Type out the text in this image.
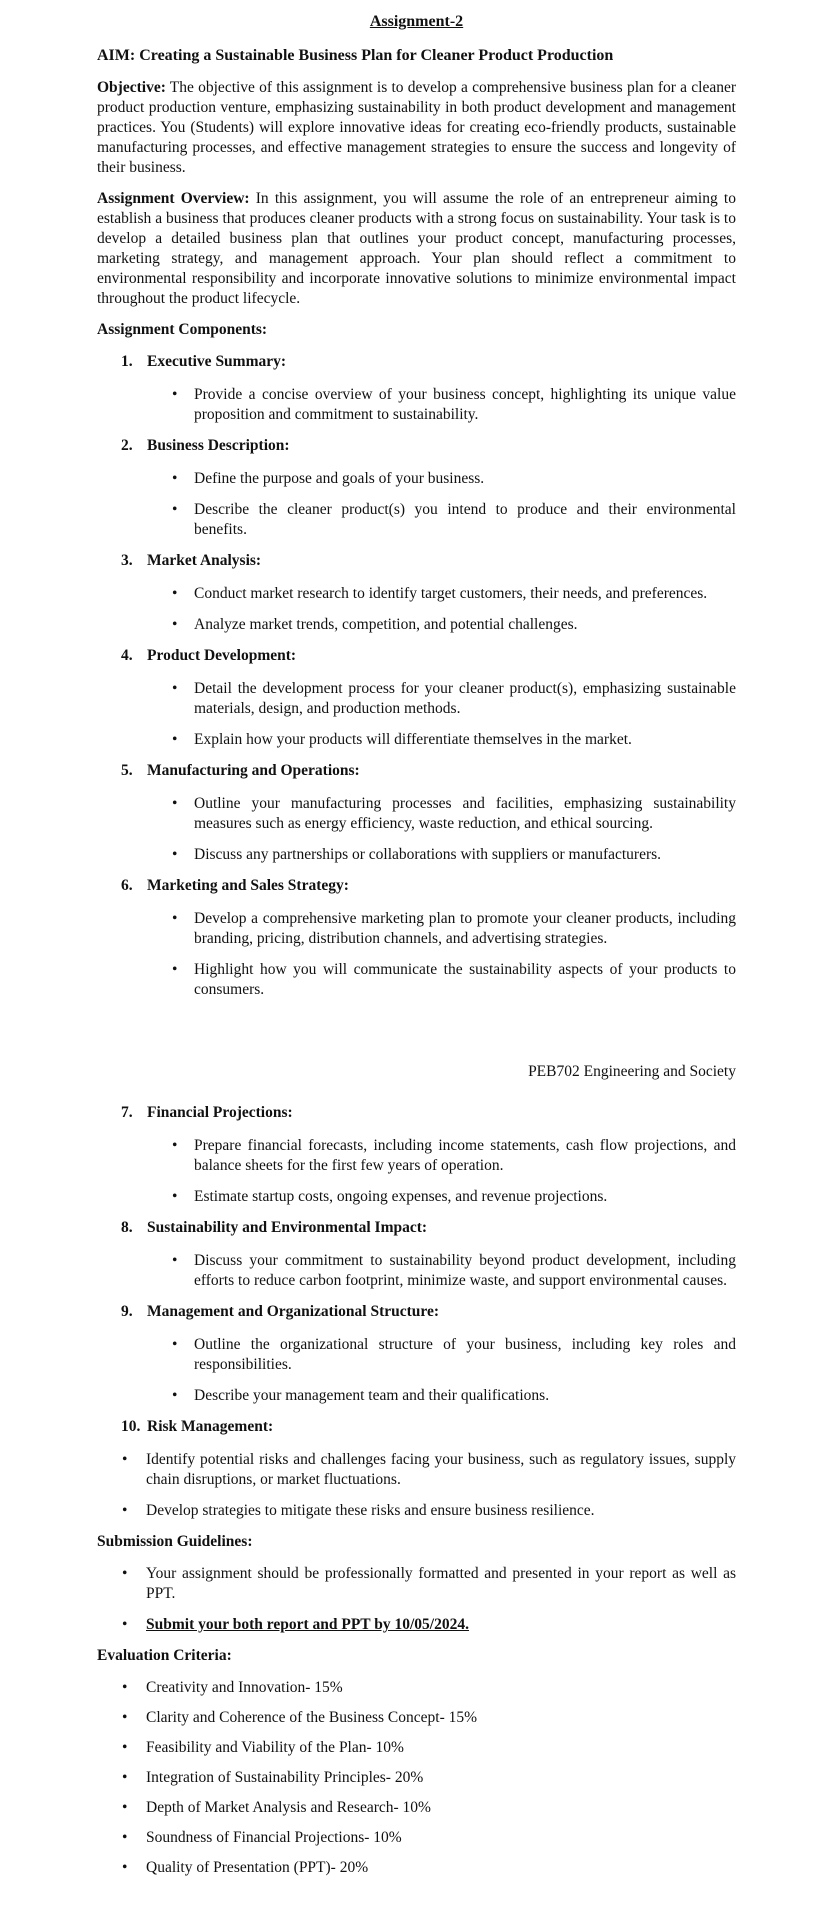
Assignment-2
AIM: Creating a Sustainable Business Plan for Cleaner Product Production

Objective: The objective of this assignment is to develop a comprehensive business plan for a cleaner product production venture, emphasizing sustainability in both product development and management practices. You (Students) will explore innovative ideas for creating eco-friendly products, sustainable manufacturing processes, and effective management strategies to ensure the success and longevity of their business.

Assignment Overview: In this assignment, you will assume the role of an entrepreneur aiming to establish a business that produces cleaner products with a strong focus on sustainability. Your task is to develop a detailed business plan that outlines your product concept, manufacturing processes, marketing strategy, and management approach. Your plan should reflect a commitment to environmental responsibility and incorporate innovative solutions to minimize environmental impact throughout the product lifecycle.

Assignment Components:
1. Executive Summary:
• Provide a concise overview of your business concept, highlighting its unique value proposition and commitment to sustainability.
2. Business Description:
• Define the purpose and goals of your business.
• Describe the cleaner product(s) you intend to produce and their environmental benefits.
3. Market Analysis:
• Conduct market research to identify target customers, their needs, and preferences.
• Analyze market trends, competition, and potential challenges.
4. Product Development:
• Detail the development process for your cleaner product(s), emphasizing sustainable materials, design, and production methods.
• Explain how your products will differentiate themselves in the market.
5. Manufacturing and Operations:
• Outline your manufacturing processes and facilities, emphasizing sustainability measures such as energy efficiency, waste reduction, and ethical sourcing.
• Discuss any partnerships or collaborations with suppliers or manufacturers.
6. Marketing and Sales Strategy:
• Develop a comprehensive marketing plan to promote your cleaner products, including branding, pricing, distribution channels, and advertising strategies.
• Highlight how you will communicate the sustainability aspects of your products to consumers.
PEB702 Engineering and Society
7. Financial Projections:
• Prepare financial forecasts, including income statements, cash flow projections, and balance sheets for the first few years of operation.
• Estimate startup costs, ongoing expenses, and revenue projections.
8. Sustainability and Environmental Impact:
• Discuss your commitment to sustainability beyond product development, including efforts to reduce carbon footprint, minimize waste, and support environmental causes.
9. Management and Organizational Structure:
• Outline the organizational structure of your business, including key roles and responsibilities.
• Describe your management team and their qualifications.
10. Risk Management:
• Identify potential risks and challenges facing your business, such as regulatory issues, supply chain disruptions, or market fluctuations.
• Develop strategies to mitigate these risks and ensure business resilience.
Submission Guidelines:
• Your assignment should be professionally formatted and presented in your report as well as PPT.
• Submit your both report and PPT by 10/05/2024.
Evaluation Criteria:
• Creativity and Innovation- 15%
• Clarity and Coherence of the Business Concept- 15%
• Feasibility and Viability of the Plan- 10%
• Integration of Sustainability Principles- 20%
• Depth of Market Analysis and Research- 10%
• Soundness of Financial Projections- 10%
• Quality of Presentation (PPT)- 20%
